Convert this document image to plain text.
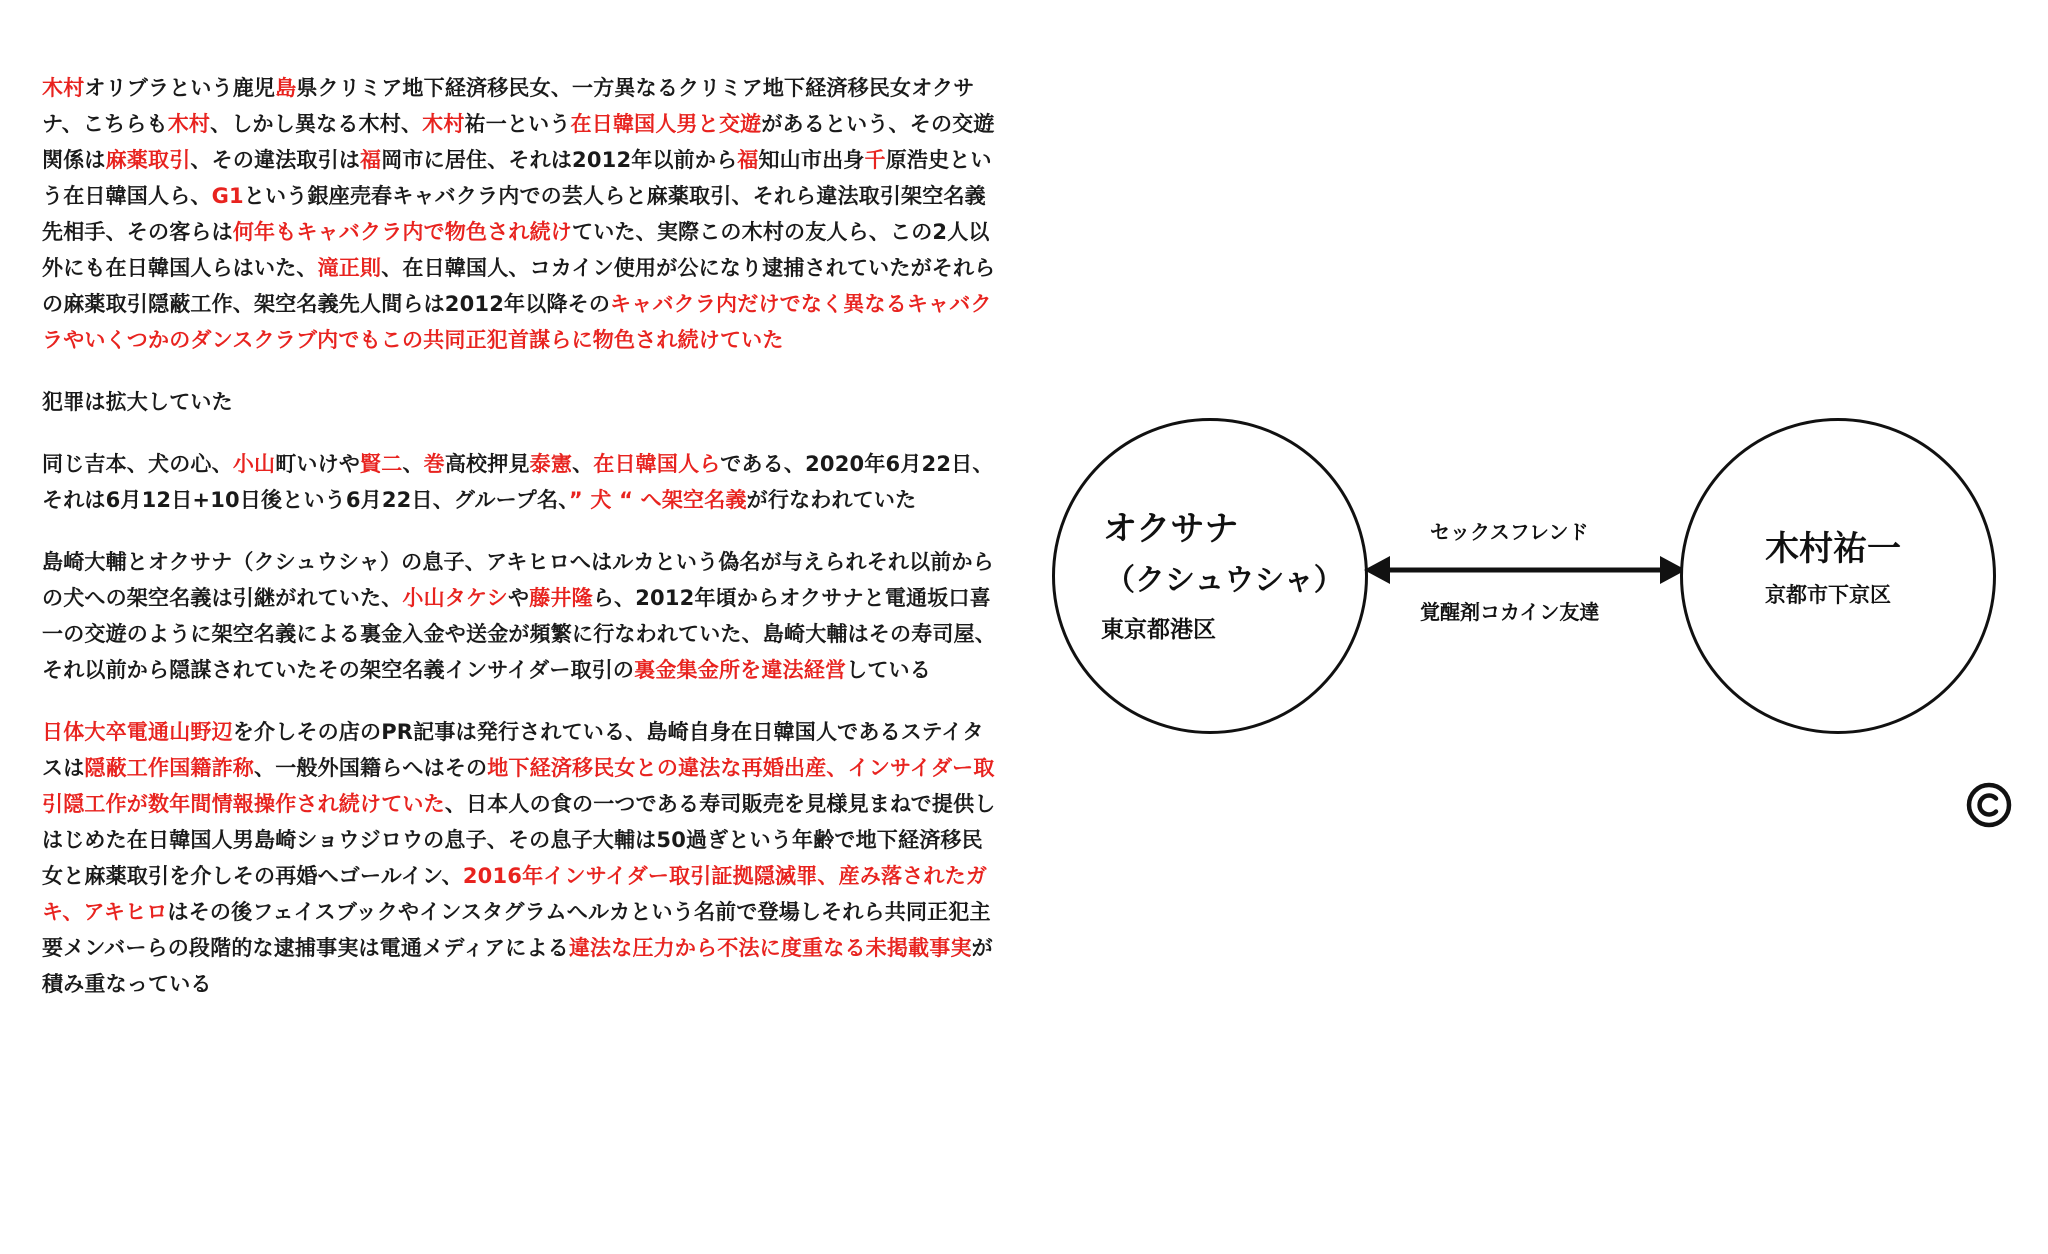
木村オリブラという鹿児島県クリミア地下経済移民女、一方異なるクリミア地下経済移民女オクサナ、こちらも木村、しかし異なる木村、木村祐一という在日韓国人男と交遊があるという、その交遊関係は麻薬取引、その違法取引は福岡市に居住、それは2012年以前から福知山市出身千原浩史という在日韓国人ら、G1という銀座売春キャバクラ内での芸人らと麻薬取引、それら違法取引架空名義先相手、その客らは何年もキャバクラ内で物色され続けていた、実際この木村の友人ら、この2人以外にも在日韓国人らはいた、滝正則、在日韓国人、コカイン使用が公になり逮捕されていたがそれらの麻薬取引隠蔽工作、架空名義先人間らは2012年以降そのキャバクラ内だけでなく異なるキャバクラやいくつかのダンスクラブ内でもこの共同正犯首謀らに物色され続けていた

犯罪は拡大していた

同じ吉本、犬の心、小山町いけや賢二、巻高校押見泰憲、在日韓国人らである、2020年6月22日、それは6月12日+10日後という6月22日、グループ名、” 犬 “ へ架空名義が行なわれていた

島崎大輔とオクサナ（クシュウシャ）の息子、アキヒロへはルカという偽名が与えられそれ以前からの犬への架空名義は引継がれていた、小山タケシや藤井隆ら、2012年頃からオクサナと電通坂口喜一の交遊のように架空名義による裏金入金や送金が頻繁に行なわれていた、島崎大輔はその寿司屋、それ以前から隠謀されていたその架空名義インサイダー取引の裏金集金所を違法経営している

日体大卒電通山野辺を介しその店のPR記事は発行されている、島崎自身在日韓国人であるステイタスは隠蔽工作国籍詐称、一般外国籍らへはその地下経済移民女との違法な再婚出産、インサイダー取引隠工作が数年間情報操作され続けていた、日本人の食の一つである寿司販売を見様見まねで提供しはじめた在日韓国人男島崎ショウジロウの息子、その息子大輔は50過ぎという年齢で地下経済移民女と麻薬取引を介しその再婚へゴールイン、2016年インサイダー取引証拠隠滅罪、産み落されたガキ、アキヒロはその後フェイスブックやインスタグラムへルカという名前で登場しそれら共同正犯主要メンバーらの段階的な逮捕事実は電通メディアによる違法な圧力から不法に度重なる未掲載事実が積み重なっている

オクサナ
（クシュウシャ）
東京都港区
セックスフレンド
覚醒剤コカイン友達
木村祐一
京都市下京区
